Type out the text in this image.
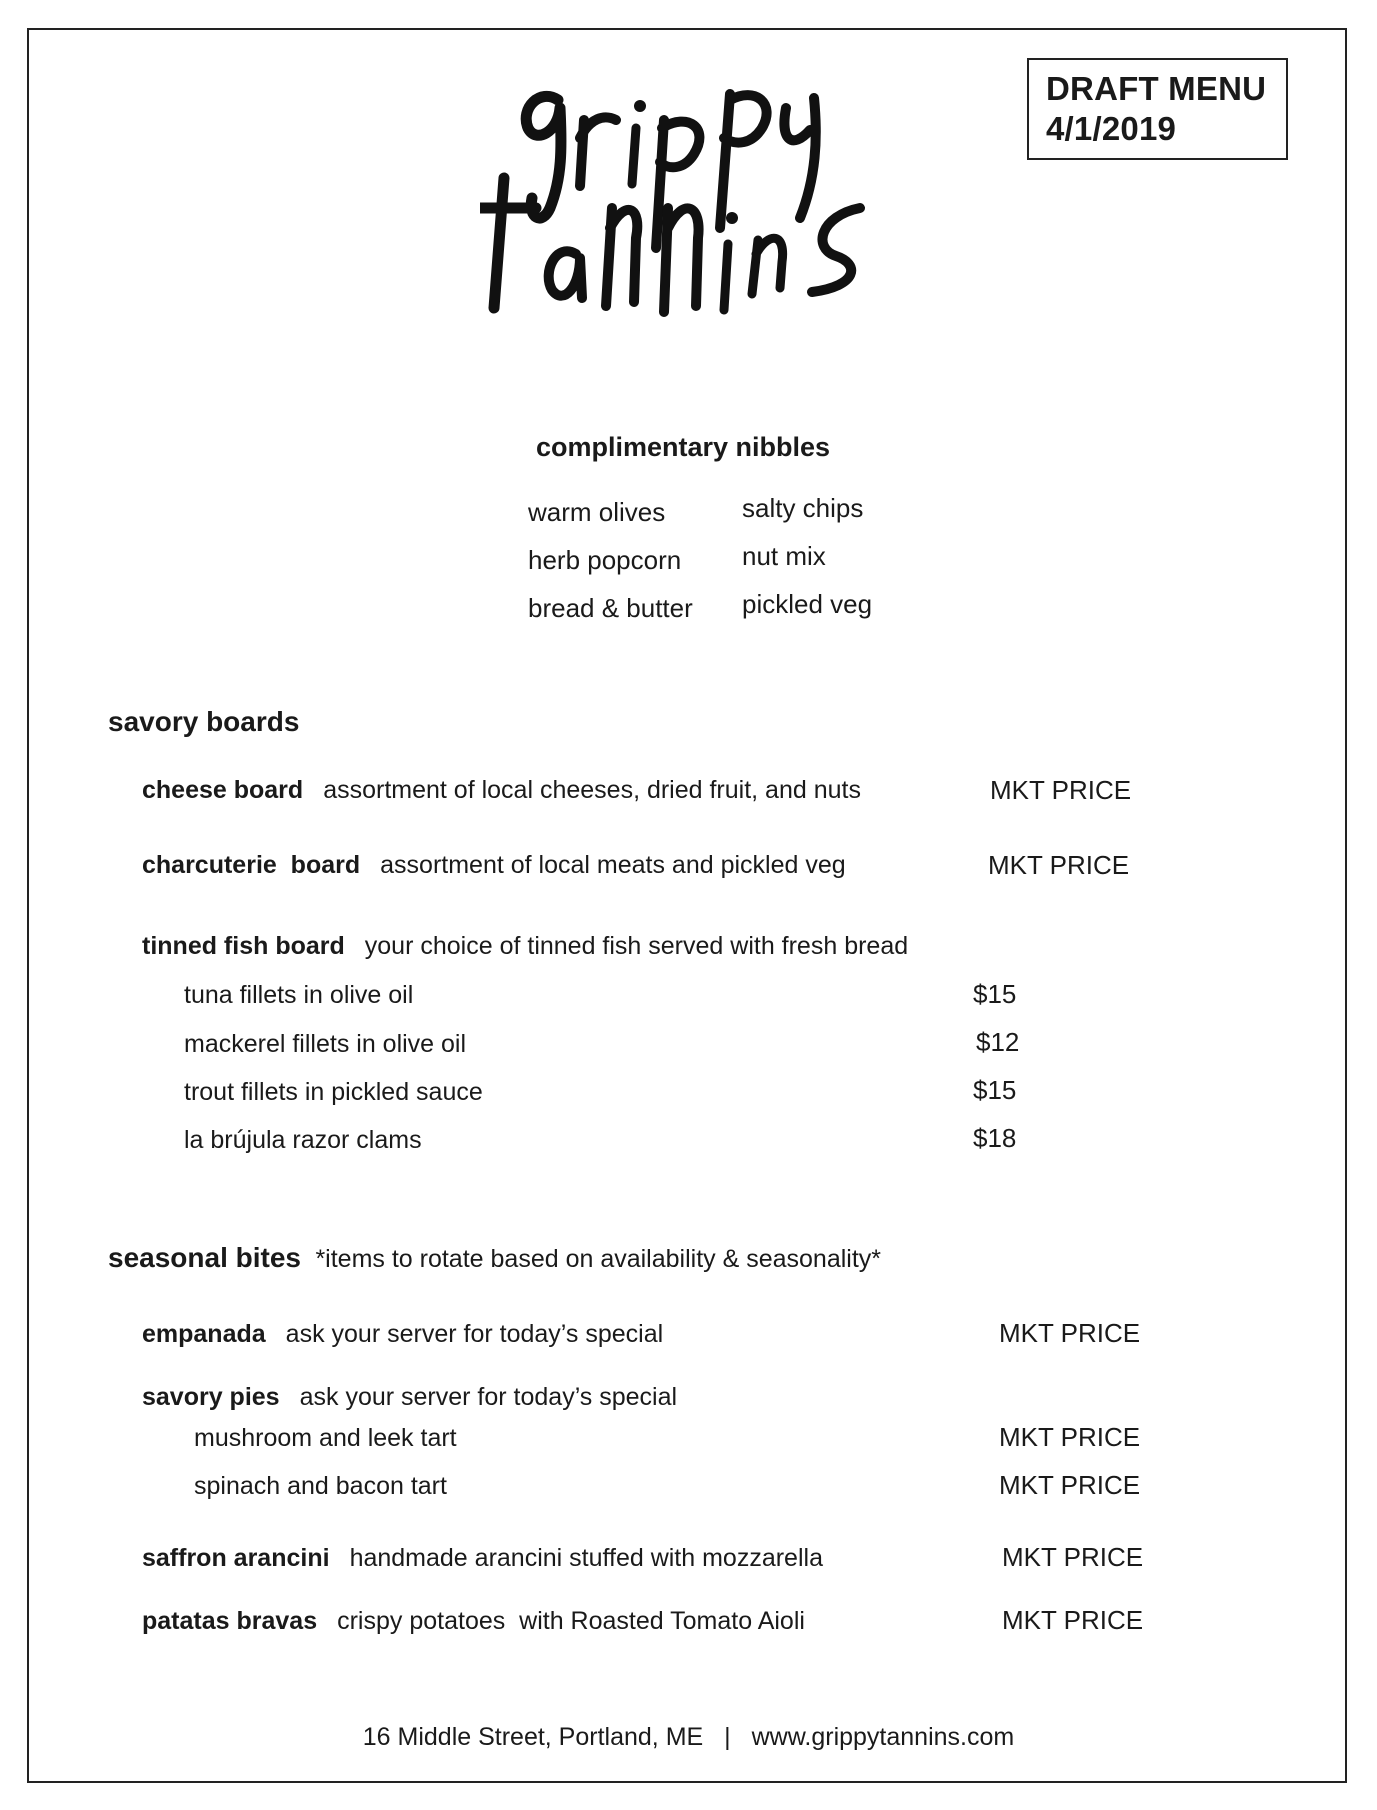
grippy tannins
DRAFT MENU
4/1/2019
complimentary nibbles
warm olives
herb popcorn
bread & butter
salty chips
nut mix
pickled veg
savory boards
cheese board assortment of local cheeses, dried fruit, and nuts	MKT PRICE
charcuterie  board assortment of local meats and pickled veg	MKT PRICE
tinned fish board your choice of tinned fish served with fresh bread
tuna fillets in olive oil	$15
mackerel fillets in olive oil	$12
trout fillets in pickled sauce	$15
la brújula razor clams	$18
seasonal bites *items to rotate based on availability & seasonality*
empanada ask your server for today’s special	MKT PRICE
savory pies ask your server for today’s special
mushroom and leek tart	MKT PRICE
spinach and bacon tart	MKT PRICE
saffron arancini handmade arancini stuffed with mozzarella	MKT PRICE
patatas bravas crispy potatoes  with Roasted Tomato Aioli	MKT PRICE
16 Middle Street, Portland, ME | www.grippytannins.com
